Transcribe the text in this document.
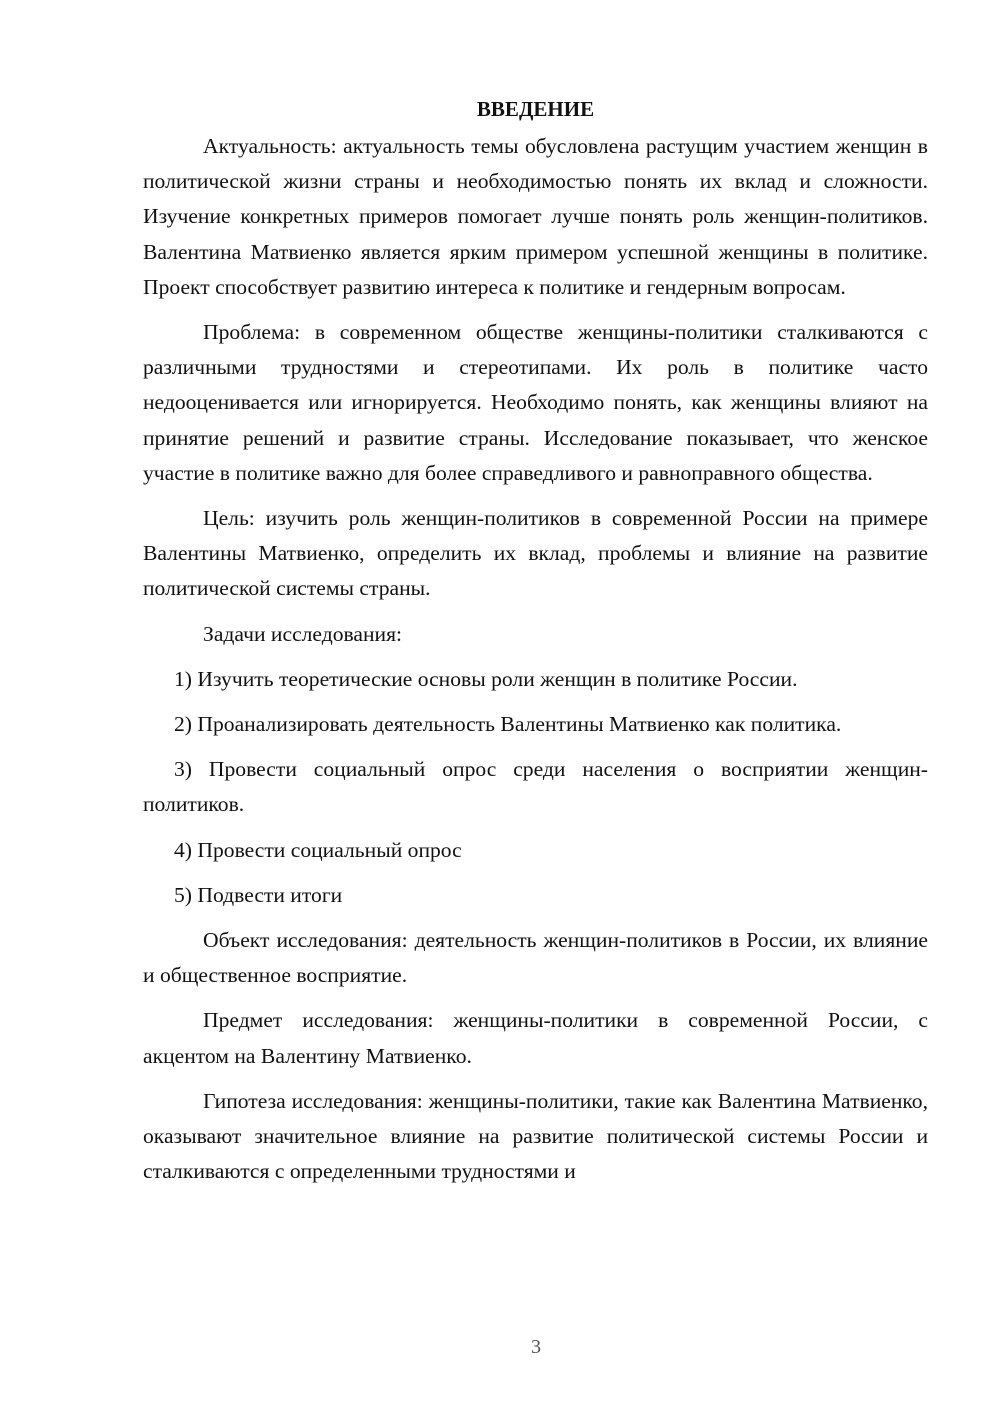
ВВЕДЕНИЕ

Актуальность: актуальность темы обусловлена растущим участием женщин в политической жизни страны и необходимостью понять их вклад и сложности. Изучение конкретных примеров помогает лучше понять роль женщин-политиков. Валентина Матвиенко является ярким примером успешной женщины в политике. Проект способствует развитию интереса к политике и гендерным вопросам.

Проблема: в современном обществе женщины-политики сталкиваются с различными трудностями и стереотипами. Их роль в политике часто недооценивается или игнорируется. Необходимо понять, как женщины влияют на принятие решений и развитие страны. Исследование показывает, что женское участие в политике важно для более справедливого и равноправного общества.

Цель: изучить роль женщин-политиков в современной России на примере Валентины Матвиенко, определить их вклад, проблемы и влияние на развитие политической системы страны.

Задачи исследования:

1) Изучить теоретические основы роли женщин в политике России.

2) Проанализировать деятельность Валентины Матвиенко как политика.

3) Провести социальный опрос среди населения о восприятии женщин-политиков.

4) Провести социальный опрос

5) Подвести итоги

Объект исследования: деятельность женщин-политиков в России, их влияние и общественное восприятие.

Предмет исследования: женщины-политики в современной России, с акцентом на Валентину Матвиенко.

Гипотеза исследования: женщины-политики, такие как Валентина Матвиенко, оказывают значительное влияние на развитие политической системы России и сталкиваются с определенными трудностями и

3
